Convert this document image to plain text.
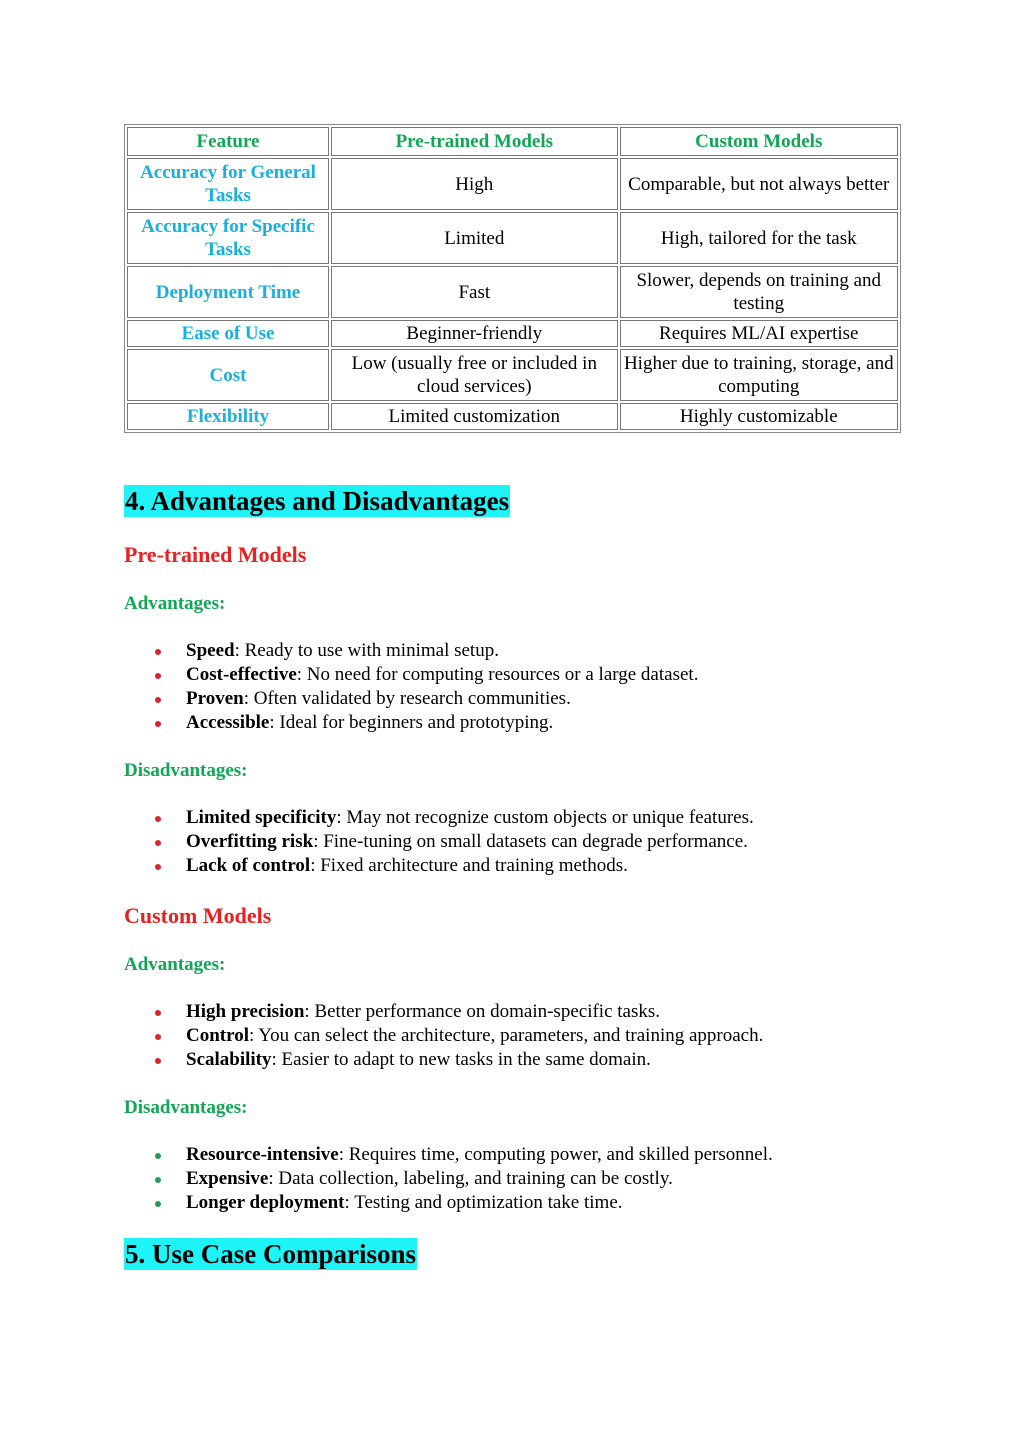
Feature	Pre-trained Models	Custom Models
Accuracy for General Tasks	High	Comparable, but not always better
Accuracy for Specific Tasks	Limited	High, tailored for the task
Deployment Time	Fast	Slower, depends on training and testing
Ease of Use	Beginner-friendly	Requires ML/AI expertise
Cost	Low (usually free or included in cloud services)	Higher due to training, storage, and computing
Flexibility	Limited customization	Highly customizable
4. Advantages and Disadvantages
Pre-trained Models
Advantages:
Speed: Ready to use with minimal setup.
Cost-effective: No need for computing resources or a large dataset.
Proven: Often validated by research communities.
Accessible: Ideal for beginners and prototyping.
Disadvantages:
Limited specificity: May not recognize custom objects or unique features.
Overfitting risk: Fine-tuning on small datasets can degrade performance.
Lack of control: Fixed architecture and training methods.
Custom Models
Advantages:
High precision: Better performance on domain-specific tasks.
Control: You can select the architecture, parameters, and training approach.
Scalability: Easier to adapt to new tasks in the same domain.
Disadvantages:
Resource-intensive: Requires time, computing power, and skilled personnel.
Expensive: Data collection, labeling, and training can be costly.
Longer deployment: Testing and optimization take time.
5. Use Case Comparisons
